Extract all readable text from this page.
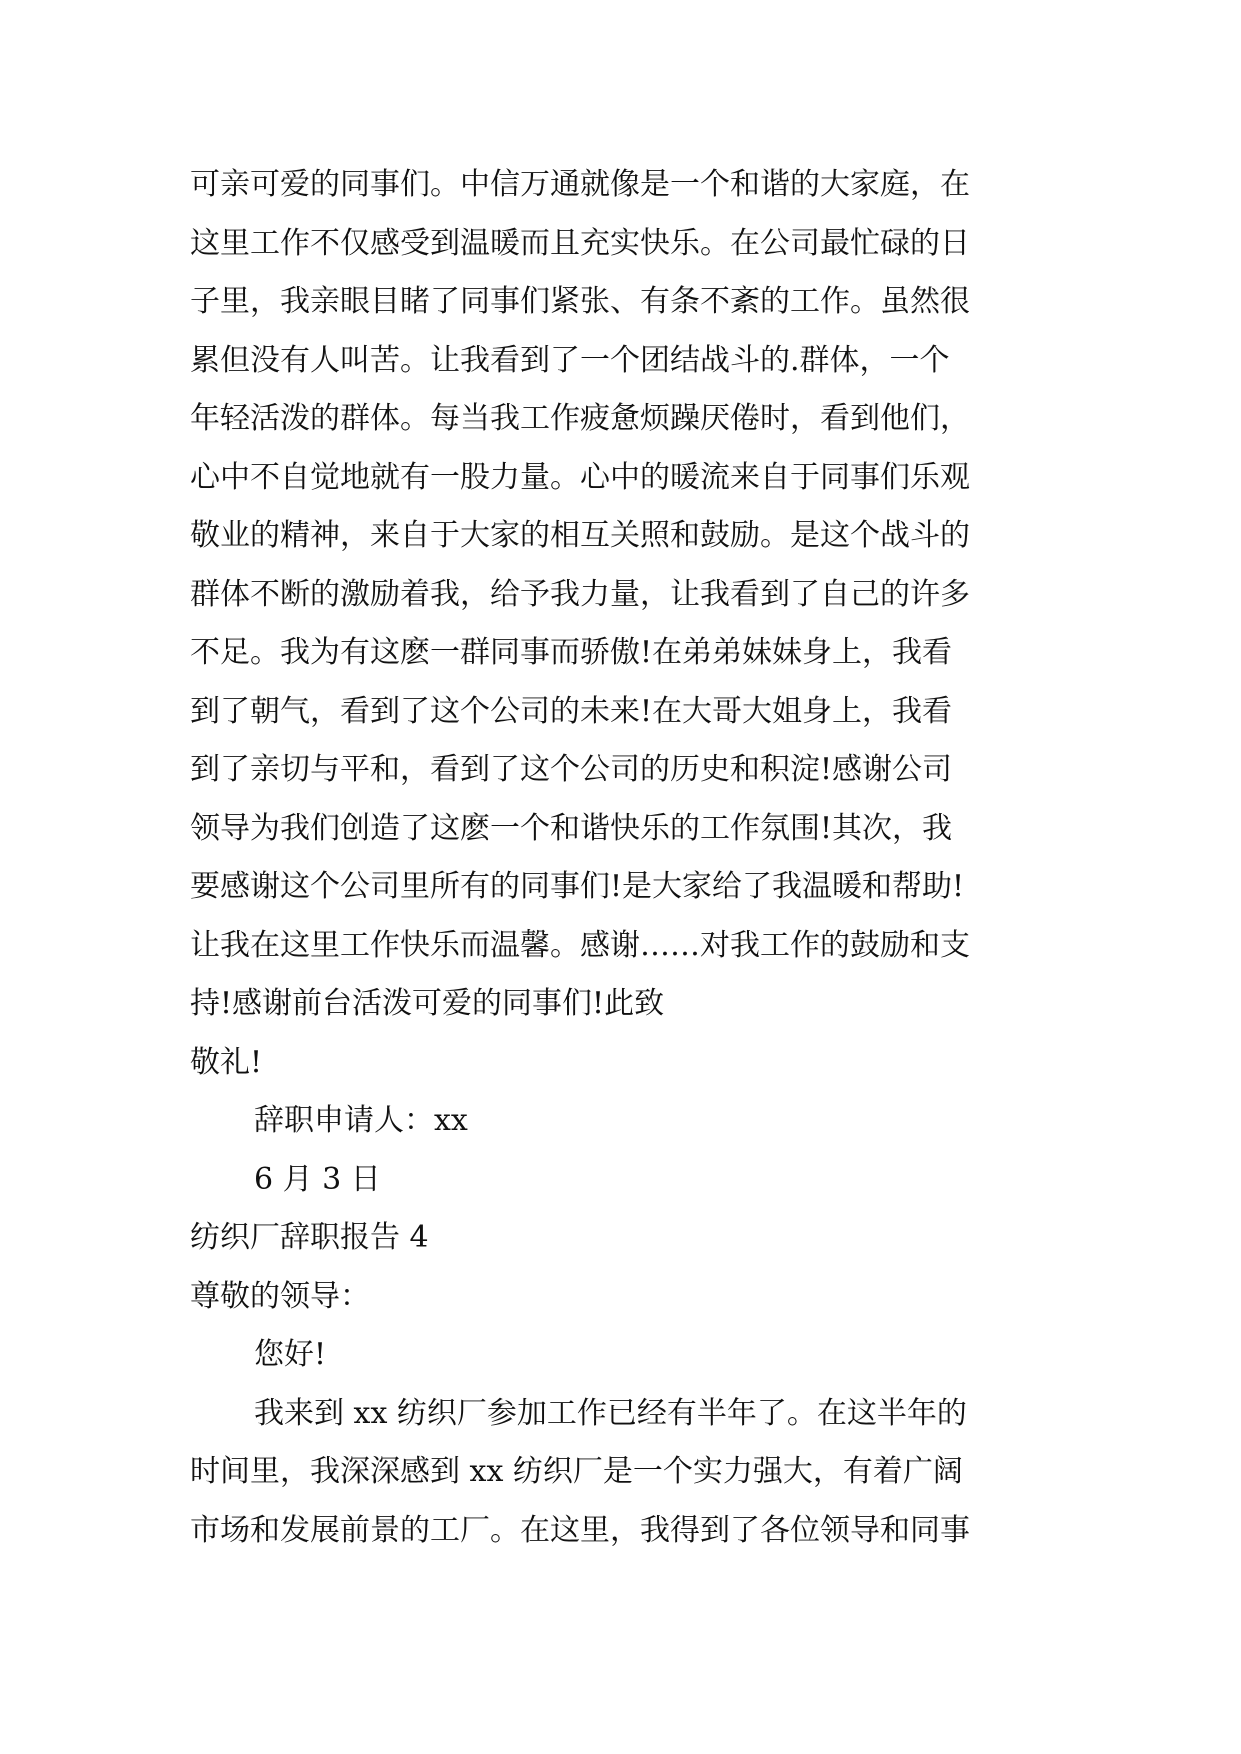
可亲可爱的同事们。中信万通就像是一个和谐的大家庭，在
这里工作不仅感受到温暖而且充实快乐。在公司最忙碌的日
子里，我亲眼目睹了同事们紧张、有条不紊的工作。虽然很
累但没有人叫苦。让我看到了一个团结战斗的.群体，一个
年轻活泼的群体。每当我工作疲惫烦躁厌倦时，看到他们，
心中不自觉地就有一股力量。心中的暖流来自于同事们乐观
敬业的精神，来自于大家的相互关照和鼓励。是这个战斗的
群体不断的激励着我，给予我力量，让我看到了自己的许多
不足。我为有这麽一群同事而骄傲!在弟弟妹妹身上，我看
到了朝气，看到了这个公司的未来!在大哥大姐身上，我看
到了亲切与平和，看到了这个公司的历史和积淀!感谢公司
领导为我们创造了这麽一个和谐快乐的工作氛围!其次，我
要感谢这个公司里所有的同事们!是大家给了我温暖和帮助!
让我在这里工作快乐而温馨。感谢……对我工作的鼓励和支
持!感谢前台活泼可爱的同事们!此致
敬礼!
辞职申请人：xx
6 月 3 日
纺织厂辞职报告 4
尊敬的领导：
您好!
我来到 xx 纺织厂参加工作已经有半年了。在这半年的
时间里，我深深感到 xx 纺织厂是一个实力强大，有着广阔
市场和发展前景的工厂。在这里，我得到了各位领导和同事
